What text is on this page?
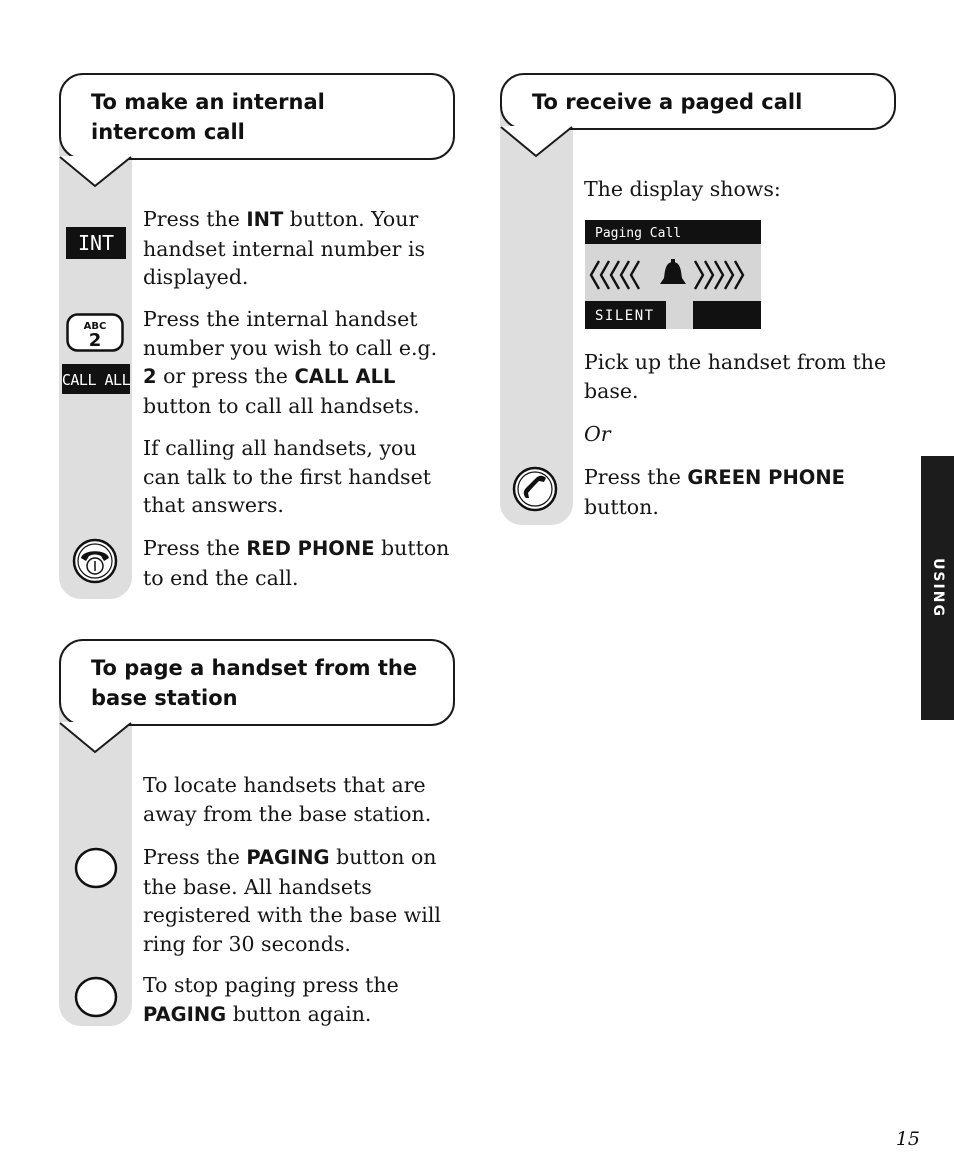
To make an internal intercom call
INT

Press the INT button. Your handset internal number is displayed.

ABC
2
CALL ALL

Press the internal handset number you wish to call e.g. 2 or press the CALL ALL button to call all handsets.

If calling all handsets, you can talk to the first handset that answers.

Press the RED PHONE button to end the call.

To page a handset from the base station

To locate handsets that are away from the base station.

Press the PAGING button on the base. All handsets registered with the base will ring for 30 seconds.

To stop paging press the PAGING button again.

To receive a paged call

The display shows:

Paging Call
SILENT

Pick up the handset from the base.

Or

Press the GREEN PHONE button.

USING
15
